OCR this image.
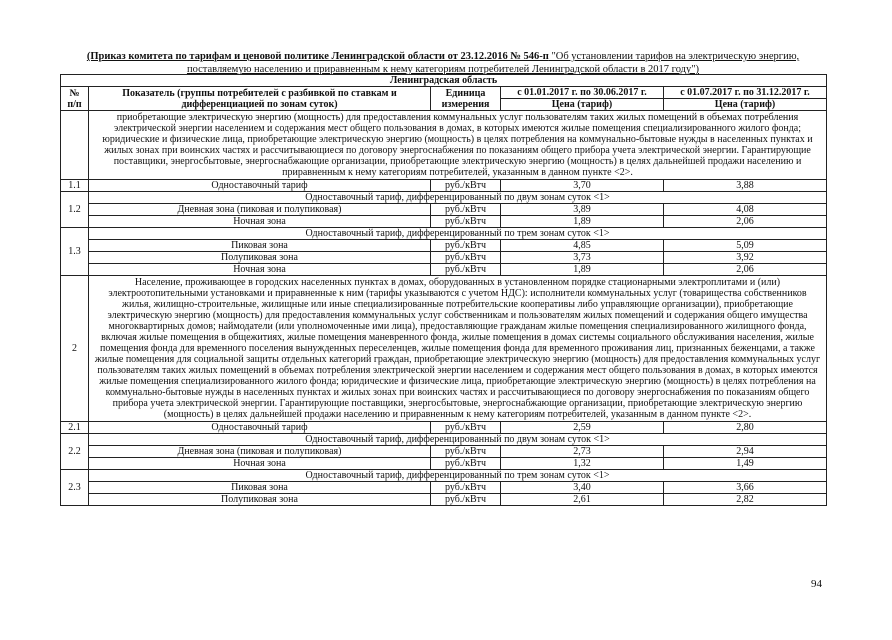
(Приказ комитета по тарифам и ценовой политике Ленинградской области от 23.12.2016 № 546-п "Об установлении тарифов на электрическую энергию, поставляемую населению и приравненным к нему категориям потребителей Ленинградской области в 2017 году")
Ленинградская область				
№ п/п	Показатель (группы потребителей с разбивкой по ставкам и дифференциацией по зонам суток)	Единица измерения	с 01.01.2017 г. по 30.06.2017 г.	с 01.07.2017 г. по 31.12.2017 г.
			Цена (тариф)	Цена (тариф)
	приобретающие электрическую энергию (мощность) для предоставления коммунальных услуг пользователям таких жилых помещений в объемах потребления электрической энергии населением и содержания мест общего пользования в домах, в которых имеются жилые помещения специализированного жилого фонда; юридические и физические лица, приобретающие электрическую энергию (мощность) в целях потребления на коммунально-бытовые нужды в населенных пунктах и жилых зонах при воинских частях и рассчитывающиеся по договору энергоснабжения по показаниям общего прибора учета электрической энергии. Гарантирующие поставщики, энергосбытовые, энергоснабжающие организации, приобретающие электрическую энергию (мощность) в целях дальнейшей продажи населению и приравненным к нему категориям потребителей, указанным в данном пункте <2>.			
1.1	Одноставочный тариф	руб./кВтч	3,70	3,88
1.2	Одноставочный тариф, дифференцированный по двум зонам суток <1>			
	Дневная зона (пиковая и полупиковая)	руб./кВтч	3,89	4,08
	Ночная зона	руб./кВтч	1,89	2,06
1.3	Одноставочный тариф, дифференцированный по трем зонам суток <1>			
	Пиковая зона	руб./кВтч	4,85	5,09
	Полупиковая зона	руб./кВтч	3,73	3,92
	Ночная зона	руб./кВтч	1,89	2,06
2	Население, проживающее в городских населенных пунктах в домах, оборудованных в установленном порядке стационарными электроплитами и (или) электроотопительными установками и приравненные к ним (тарифы указываются с учетом НДС): исполнители коммунальных услуг (товарищества собственников жилья, жилищно-строительные, жилищные или иные специализированные потребительские кооперативы либо управляющие организации), приобретающие электрическую энергию (мощность) для предоставления коммунальных услуг собственникам и пользователям жилых помещений и содержания общего имущества многоквартирных домов; наймодатели (или уполномоченные ими лица), предоставляющие гражданам жилые помещения специализированного жилищного фонда, включая жилые помещения в общежитиях, жилые помещения маневренного фонда, жилые помещения в домах системы социального обслуживания населения, жилые помещения фонда для временного поселения вынужденных переселенцев, жилые помещения фонда для временного проживания лиц, признанных беженцами, а также жилые помещения для социальной защиты отдельных категорий граждан, приобретающие электрическую энергию (мощность) для предоставления коммунальных услуг пользователям таких жилых помещений в объемах потребления электрической энергии населением и содержания мест общего пользования в домах, в которых имеются жилые помещения специализированного жилого фонда; юридические и физические лица, приобретающие электрическую энергию (мощность) в целях потребления на коммунально-бытовые нужды в населенных пунктах и жилых зонах при воинских частях и рассчитывающиеся по договору энергоснабжения по показаниям общего прибора учета электрической энергии. Гарантирующие поставщики, энергосбытовые, энергоснабжающие организации, приобретающие электрическую энергию (мощность) в целях дальнейшей продажи населению и приравненным к нему категориям потребителей, указанным в данном пункте <2>.			
2.1	Одноставочный тариф	руб./кВтч	2,59	2,80
2.2	Одноставочный тариф, дифференцированный по двум зонам суток <1>			
	Дневная зона (пиковая и полупиковая)	руб./кВтч	2,73	2,94
	Ночная зона	руб./кВтч	1,32	1,49
2.3	Одноставочный тариф, дифференцированный по трем зонам суток <1>			
	Пиковая зона	руб./кВтч	3,40	3,66
	Полупиковая зона	руб./кВтч	2,61	2,82
94
